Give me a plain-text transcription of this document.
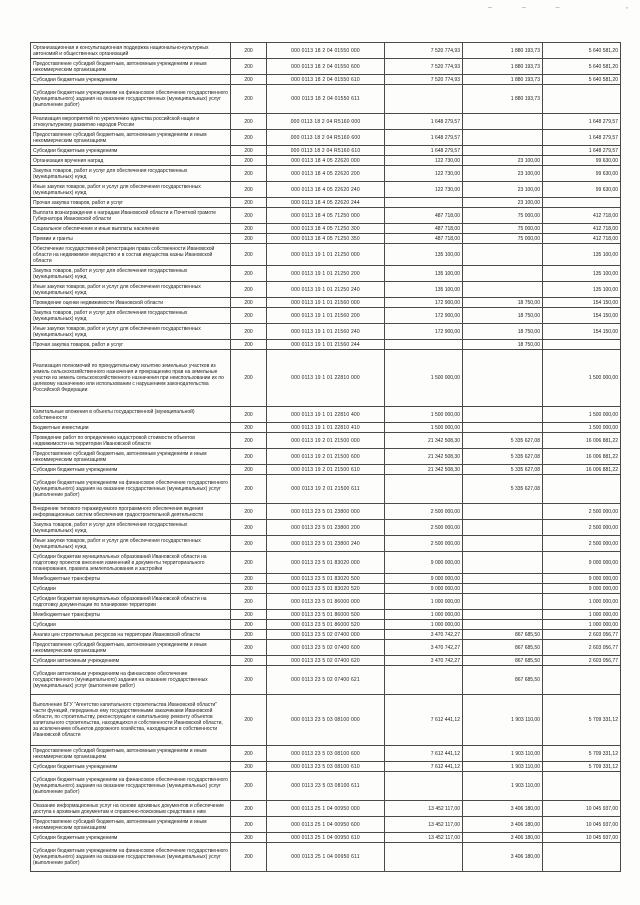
– – –	’
Организационная и консультационная поддержка национально-культурных автономий и общественных организаций	200	000 0113 18 2 04 01550 000	7 520 774,93	1 880 193,73	5 640 581,20
Предоставление субсидий бюджетным, автономным учреждениям и иным некоммерческим организациям	200	000 0113 18 2 04 01550 600	7 520 774,93	1 880 193,73	5 640 581,20
Субсидии бюджетным учреждениям	200	000 0113 18 2 04 01550 610	7 520 774,93	1 880 193,73	5 640 581,20
Субсидии бюджетным учреждениям на финансовое обеспечение государственного (муниципального) задания на оказание государственных (муниципальных) услуг (выполнение работ)	200	000 0113 18 2 04 01550 611		1 880 193,73	
Реализация мероприятий по укреплению единства российской нации и этнокультурному развитию народов России	200	000 0113 18 2 04 R5160 000	1 648 279,57		1 648 279,57
Предоставление субсидий бюджетным, автономным учреждениям и иным некоммерческим организациям	200	000 0113 18 2 04 R5160 600	1 648 279,57		1 648 279,57
Субсидии бюджетным учреждениям	200	000 0113 18 2 04 R5160 610	1 648 279,57		1 648 279,57
Организация вручения наград	200	000 0113 18 4 05 22620 000	122 730,00	23 100,00	99 630,00
Закупка товаров, работ и услуг для обеспечения государственных (муниципальных) нужд	200	000 0113 18 4 05 22620 200	122 730,00	23 100,00	99 630,00
Иные закупки товаров, работ и услуг для обеспечения государственных (муниципальных) нужд	200	000 0113 18 4 05 22620 240	122 730,00	23 100,00	99 630,00
Прочая закупка товаров, работ и услуг	200	000 0113 18 4 05 22620 244		23 100,00	
Выплата вознаграждения к наградам Ивановской области и Почетной грамоте Губернатора Ивановской области	200	000 0113 18 4 05 71250 000	487 718,00	75 000,00	412 718,00
Социальное обеспечение и иные выплаты населению	200	000 0113 18 4 05 71250 300	487 718,00	75 000,00	412 718,00
Премии и гранты	200	000 0113 18 4 05 71250 350	487 718,00	75 000,00	412 718,00
Обеспечение государственной регистрации права собственности Ивановской области на недвижимое имущество и в состав имущества казны Ивановской области	200	000 0113 19 1 01 21250 000	135 100,00		135 100,00
Закупка товаров, работ и услуг для обеспечения государственных (муниципальных) нужд	200	000 0113 19 1 01 21250 200	135 100,00		135 100,00
Иные закупки товаров, работ и услуг для обеспечения государственных (муниципальных) нужд	200	000 0113 19 1 01 21250 240	135 100,00		135 100,00
Проведение оценки недвижимости Ивановской области	200	000 0113 19 1 01 21560 000	172 900,00	18 750,00	154 150,00
Закупка товаров, работ и услуг для обеспечения государственных (муниципальных) нужд	200	000 0113 19 1 01 21560 200	172 900,00	18 750,00	154 150,00
Иные закупки товаров, работ и услуг для обеспечения государственных (муниципальных) нужд	200	000 0113 19 1 01 21560 240	172 900,00	18 750,00	154 150,00
Прочая закупка товаров, работ и услуг	200	000 0113 19 1 01 21560 244		18 750,00	
Реализация полномочий по принудительному изъятию земельных участков из земель сельскохозяйственного назначения и прекращению прав на земельные участки из земель сельскохозяйственного назначения при неиспользовании их по целевому назначению или использовании с нарушением законодательства Российской Федерации	200	000 0113 19 1 01 22810 000	1 500 000,00		1 500 000,00
Капитальные вложения в объекты государственной (муниципальной) собственности	200	000 0113 19 1 01 22810 400	1 500 000,00		1 500 000,00
Бюджетные инвестиции	200	000 0113 19 1 01 22810 410	1 500 000,00		1 500 000,00
Проведение работ по определению кадастровой стоимости объектов недвижимости на территории Ивановской области	200	000 0113 19 2 01 21500 000	21 342 508,30	5 335 627,08	16 006 881,22
Предоставление субсидий бюджетным, автономным учреждениям и иным некоммерческим организациям	200	000 0113 19 2 01 21500 600	21 342 508,30	5 335 627,08	16 006 881,22
Субсидии бюджетным учреждениям	200	000 0113 19 2 01 21500 610	21 342 508,30	5 335 627,08	16 006 881,22
Субсидии бюджетным учреждениям на финансовое обеспечение государственного (муниципального) задания на оказание государственных (муниципальных) услуг (выполнение работ)	200	000 0113 19 2 01 21500 611		5 335 627,08	
Внедрение типового тиражируемого программного обеспечения ведения информационных систем обеспечения градостроительной деятельности	200	000 0113 23 5 01 23800 000	2 500 000,00		2 500 000,00
Закупка товаров, работ и услуг для обеспечения государственных (муниципальных) нужд	200	000 0113 23 5 01 23800 200	2 500 000,00		2 500 000,00
Иные закупки товаров, работ и услуг для обеспечения государственных (муниципальных) нужд	200	000 0113 23 5 01 23800 240	2 500 000,00		2 500 000,00
Субсидии бюджетам муниципальных образований Ивановской области на подготовку проектов внесения изменений в документы территориального планирования, правила землепользования и застройки	200	000 0113 23 5 01 83020 000	9 000 000,00		9 000 000,00
Межбюджетные трансферты	200	000 0113 23 5 01 83020 500	9 000 000,00		9 000 000,00
Субсидии	200	000 0113 23 5 01 83020 520	9 000 000,00		9 000 000,00
Субсидии бюджетам муниципальных образований Ивановской области на подготовку документации по планировке территории	200	000 0113 23 5 01 86000 000	1 000 000,00		1 000 000,00
Межбюджетные трансферты	200	000 0113 23 5 01 86000 500	1 000 000,00		1 000 000,00
Субсидии	200	000 0113 23 5 01 86000 520	1 000 000,00		1 000 000,00
Анализ цен строительных ресурсов на территории Ивановской области	200	000 0113 23 5 02 07400 000	3 470 742,27	867 685,50	2 603 056,77
Предоставление субсидий бюджетным, автономным учреждениям и иным некоммерческим организациям	200	000 0113 23 5 02 07400 600	3 470 742,27	867 685,50	2 603 056,77
Субсидии автономным учреждениям	200	000 0113 23 5 02 07400 620	3 470 742,27	867 685,50	2 603 056,77
Субсидии автономным учреждениям на финансовое обеспечение государственного (муниципального) задания на оказание государственных (муниципальных) услуг (выполнение работ)	200	000 0113 23 5 02 07400 621		867 685,50	
Выполнение БГУ "Агентство капитального строительства Ивановской области" части функций, переданных ему государственными заказчиками Ивановской области, по строительству, реконструкции и капитальному ремонту объектов капитального строительства, находящихся в собственности Ивановской области, за исключением объектов дорожного хозяйства, находящихся в собственности Ивановской области	200	000 0113 23 5 03 08100 000	7 612 441,12	1 903 110,00	5 709 331,12
Предоставление субсидий бюджетным, автономным учреждениям и иным некоммерческим организациям	200	000 0113 23 5 03 08100 600	7 612 441,12	1 903 110,00	5 709 331,12
Субсидии бюджетным учреждениям	200	000 0113 23 5 03 08100 610	7 612 441,12	1 903 110,00	5 709 331,12
Субсидии бюджетным учреждениям на финансовое обеспечение государственного (муниципального) задания на оказание государственных (муниципальных) услуг (выполнение работ)	200	000 0113 23 5 03 08100 611		1 903 110,00	
Оказание информационных услуг на основе архивных документов и обеспечение доступа к архивным документам и справочно-поисковым средствам к ним	200	000 0113 25 1 04 00950 000	13 452 117,00	3 406 180,00	10 045 937,00
Предоставление субсидий бюджетным, автономным учреждениям и иным некоммерческим организациям	200	000 0113 25 1 04 00950 600	13 452 117,00	3 406 180,00	10 045 937,00
Субсидии бюджетным учреждениям	200	000 0113 25 1 04 00950 610	13 452 117,00	3 406 180,00	10 045 937,00
Субсидии бюджетным учреждениям на финансовое обеспечение государственного (муниципального) задания на оказание государственных (муниципальных) услуг (выполнение работ)	200	000 0113 25 1 04 00950 611		3 406 180,00	
